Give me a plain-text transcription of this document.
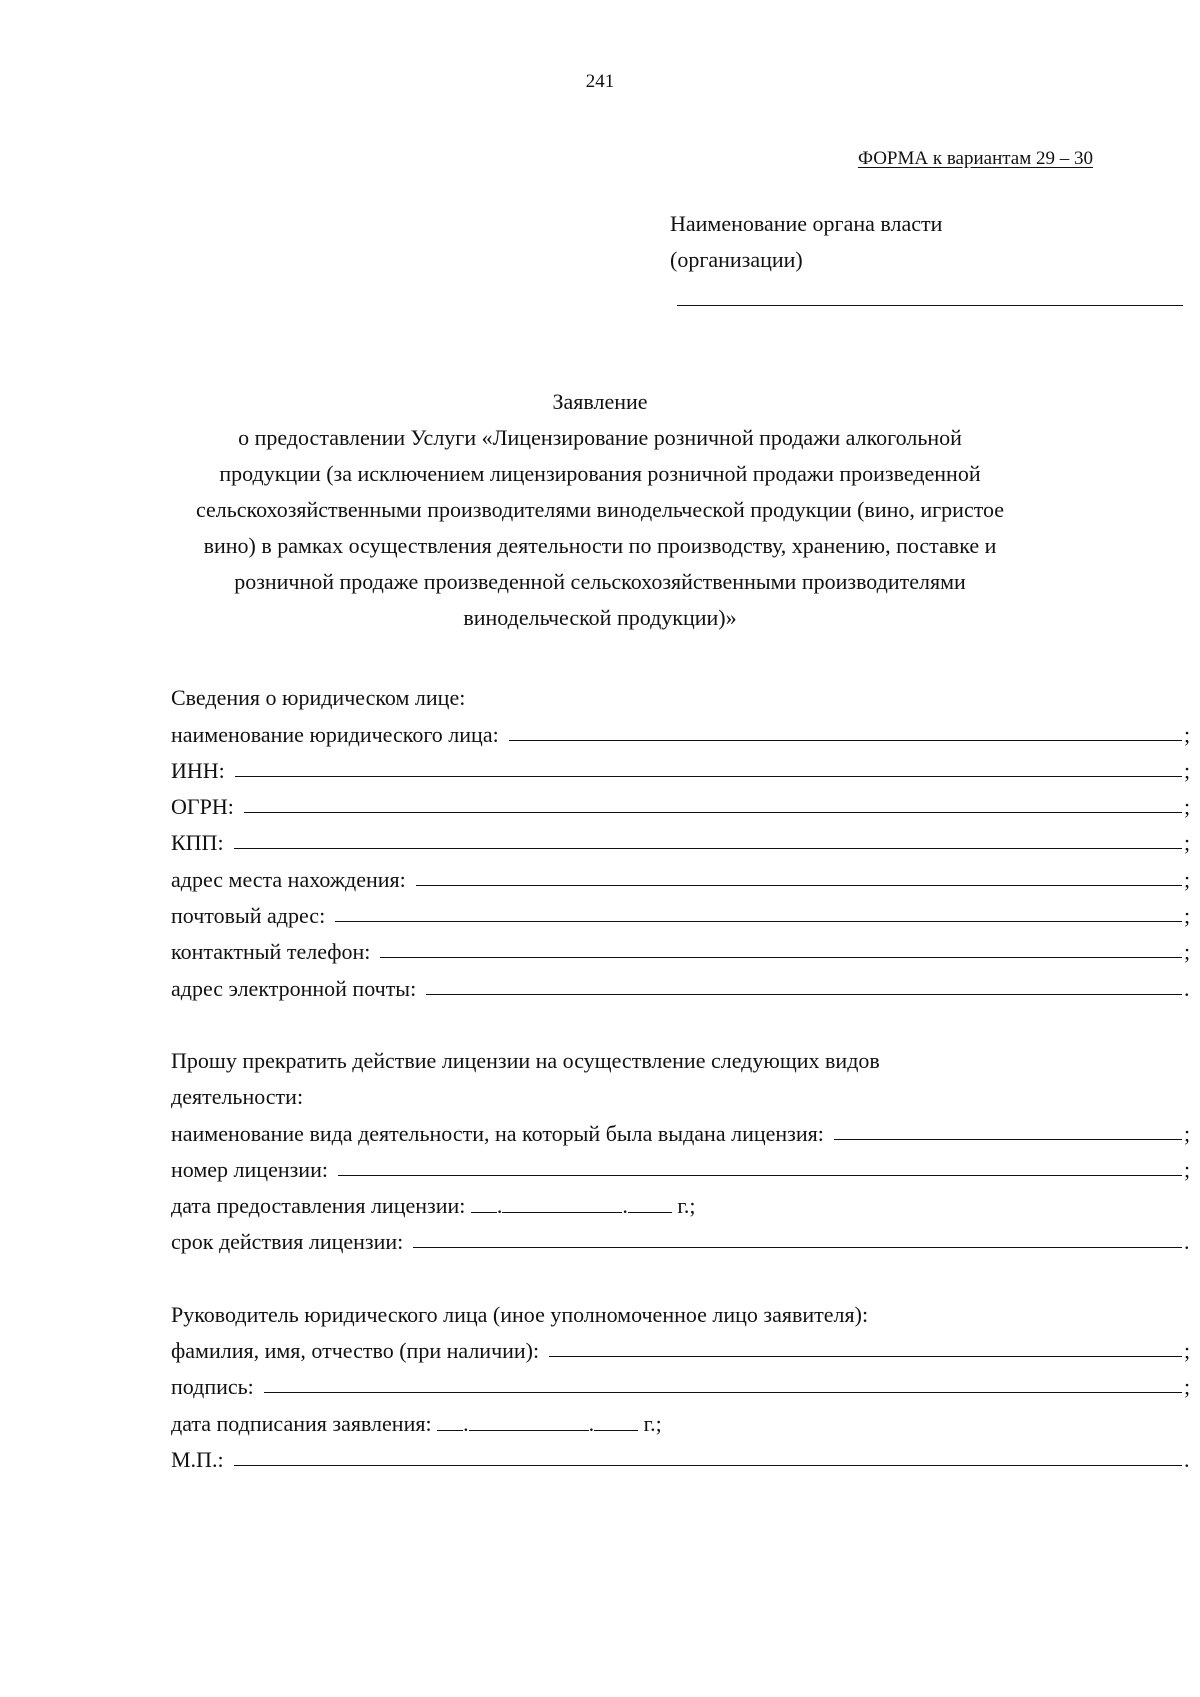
241
ФОРМА к вариантам 29 – 30
Наименование органа власти
(организации)
Заявление
о предоставлении Услуги «Лицензирование розничной продажи алкогольной
продукции (за исключением лицензирования розничной продажи произведенной
сельскохозяйственными производителями винодельческой продукции (вино, игристое
вино) в рамках осуществления деятельности по производству, хранению, поставке и
розничной продаже произведенной сельскохозяйственными производителями
винодельческой продукции)»
Сведения о юридическом лице:
наименование юридического лица:	;
ИНН:	;
ОГРН:	;
КПП:	;
адрес места нахождения:	;
почтовый адрес:	;
контактный телефон:	;
адрес электронной почты:	.
Прошу прекратить действие лицензии на осуществление следующих видов
деятельности:
наименование вида деятельности, на который была выдана лицензия:	;
номер лицензии:	;
дата предоставления лицензии: .	. г.;
срок действия лицензии:	.
Руководитель юридического лица (иное уполномоченное лицо заявителя):
фамилия, имя, отчество (при наличии):	;
подпись:	;
дата подписания заявления: .	. г.;
М.П.:	.
